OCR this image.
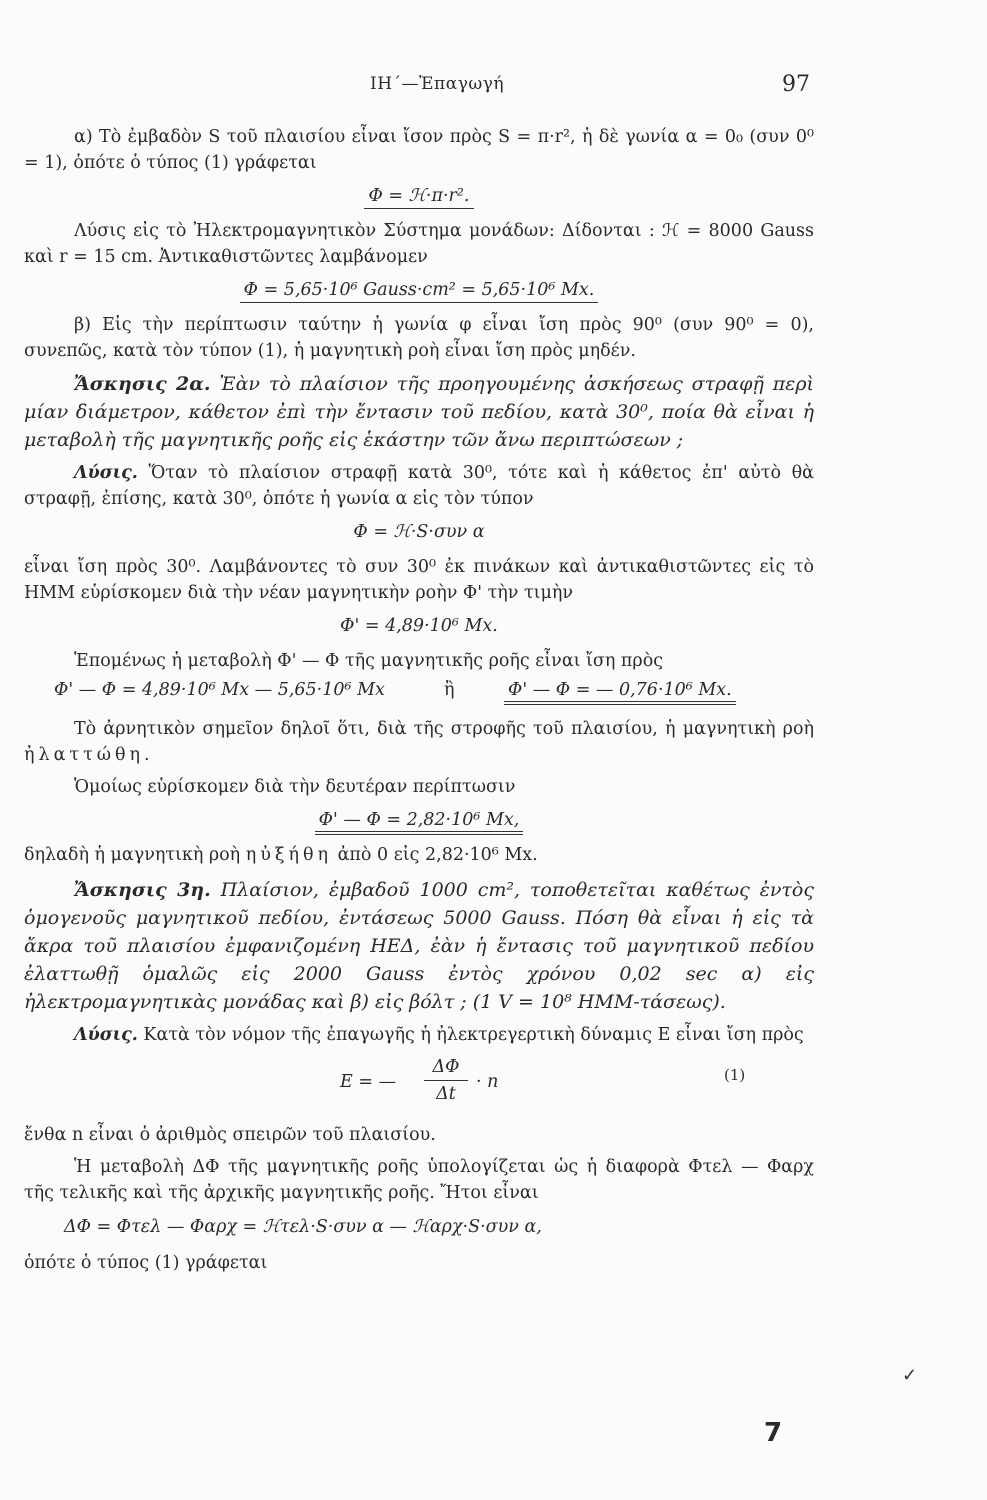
ΙΗ΄—Ἐπαγωγή	97

α) Τὸ ἐμβαδὸν S τοῦ πλαισίου εἶναι ἴσον πρὸς S = π·r², ἡ δὲ γωνία α = 0₀ (συν 0⁰ = 1), ὁπότε ὁ τύπος (1) γράφεται

Φ = ℋ·π·r².

Λύσις εἰς τὸ Ἠλεκτρομαγνητικὸν Σύστημα μονάδων: Δίδονται : ℋ = 8000 Gauss καὶ r = 15 cm. Ἀντικαθιστῶντες λαμβάνομεν

Φ = 5,65·10⁶ Gauss·cm² = 5,65·10⁶ Mx.

β) Εἰς τὴν περίπτωσιν ταύτην ἡ γωνία φ εἶναι ἴση πρὸς 90⁰ (συν 90⁰ = 0), συνεπῶς, κατὰ τὸν τύπον (1), ἡ μαγνητικὴ ροὴ εἶναι ἴση πρὸς μηδέν.

Ἄσκησις 2α. Ἐὰν τὸ πλαίσιον τῆς προηγουμένης ἀσκήσεως στραφῇ περὶ μίαν διάμετρον, κάθετον ἐπὶ τὴν ἔντασιν τοῦ πεδίου, κατὰ 30⁰, ποία θὰ εἶναι ἡ μεταβολὴ τῆς μαγνητικῆς ροῆς εἰς ἑκάστην τῶν ἄνω περιπτώσεων ;

Λύσις. Ὅταν τὸ πλαίσιον στραφῇ κατὰ 30⁰, τότε καὶ ἡ κάθετος ἐπ' αὐτὸ θὰ στραφῇ, ἐπίσης, κατὰ 30⁰, ὁπότε ἡ γωνία α εἰς τὸν τύπον

Φ = ℋ·S·συν α

εἶναι ἴση πρὸς 30⁰. Λαμβάνοντες τὸ συν 30⁰ ἐκ πινάκων καὶ ἀντικαθιστῶντες εἰς τὸ ΗΜΜ εὑρίσκομεν διὰ τὴν νέαν μαγνητικὴν ροὴν Φ' τὴν τιμὴν

Φ' = 4,89·10⁶ Mx.

Ἑπομένως ἡ μεταβολὴ Φ' — Φ τῆς μαγνητικῆς ροῆς εἶναι ἴση πρὸς

Φ' — Φ = 4,89·10⁶ Mx — 5,65·10⁶ Mx	ἢ	Φ' — Φ = — 0,76·10⁶ Mx.

Τὸ ἀρνητικὸν σημεῖον δηλοῖ ὅτι, διὰ τῆς στροφῆς τοῦ πλαισίου, ἡ μαγνητικὴ ροὴ ἠλαττώθη.

Ὁμοίως εὑρίσκομεν διὰ τὴν δευτέραν περίπτωσιν

Φ' — Φ = 2,82·10⁶ Mx,

δηλαδὴ ἡ μαγνητικὴ ροὴ ηὐξήθη ἀπὸ 0 εἰς 2,82·10⁶ Mx.

Ἄσκησις 3η. Πλαίσιον, ἐμβαδοῦ 1000 cm², τοποθετεῖται καθέτως ἐντὸς ὁμογενοῦς μαγνητικοῦ πεδίου, ἐντάσεως 5000 Gauss. Πόση θὰ εἶναι ἡ εἰς τὰ ἄκρα τοῦ πλαισίου ἐμφανιζομένη ΗΕΔ, ἐὰν ἡ ἔντασις τοῦ μαγνητικοῦ πεδίου ἐλαττωθῇ ὁμαλῶς εἰς 2000 Gauss ἐντὸς χρόνου 0,02 sec α) εἰς ἠλεκτρομαγνητικὰς μονάδας καὶ β) εἰς βόλτ ; (1 V = 10⁸ ΗΜΜ-τάσεως).

Λύσις. Κατὰ τὸν νόμον τῆς ἐπαγωγῆς ἡ ἠλεκτρεγερτικὴ δύναμις E εἶναι ἴση πρὸς

E = — $\frac{\Delta\Phi}{\Delta t} \cdot n$	(1)

ἔνθα n εἶναι ὁ ἀριθμὸς σπειρῶν τοῦ πλαισίου.

Ἡ μεταβολὴ ΔΦ τῆς μαγνητικῆς ροῆς ὑπολογίζεται ὡς ἡ διαφορὰ Φτελ — Φαρχ τῆς τελικῆς καὶ τῆς ἀρχικῆς μαγνητικῆς ροῆς. Ἤτοι εἶναι

ΔΦ = Φτελ — Φαρχ = ℋτελ·S·συν α — ℋαρχ·S·συν α,

ὁπότε ὁ τύπος (1) γράφεται

✓
7
